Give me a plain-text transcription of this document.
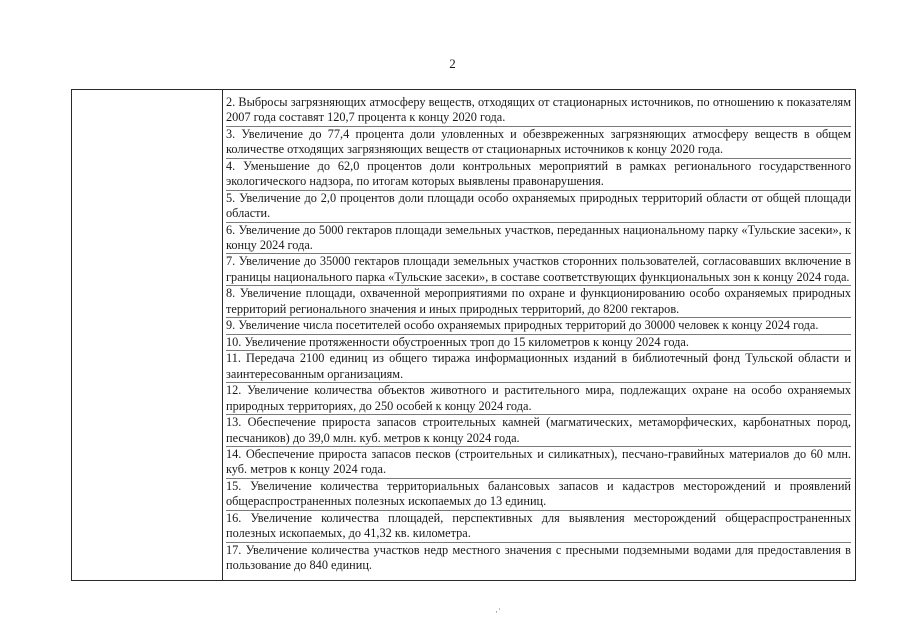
2

2. Выбросы загрязняющих атмосферу веществ, отходящих от стационарных источников, по отношению к показателям 2007 года составят 120,7 процента к концу 2020 года.

3. Увеличение до 77,4 процента доли уловленных и обезвреженных загрязняющих атмосферу веществ в общем количестве отходящих загрязняющих веществ от стационарных источников к концу 2020 года.

4. Уменьшение до 62,0 процентов доли контрольных мероприятий в рамках регионального государственного экологического надзора, по итогам которых выявлены правонарушения.

5. Увеличение до 2,0 процентов доли площади особо охраняемых природных территорий области от общей площади области.

6. Увеличение до 5000 гектаров площади земельных участков, переданных национальному парку «Тульские засеки», к концу 2024 года.

7. Увеличение до 35000 гектаров площади земельных участков сторонних пользователей, согласовавших включение в границы национального парка «Тульские засеки», в составе соответствующих функциональных зон к концу 2024 года.

8. Увеличение площади, охваченной мероприятиями по охране и функционированию особо охраняемых природных территорий регионального значения и иных природных территорий, до 8200 гектаров.

9. Увеличение числа посетителей особо охраняемых природных территорий до 30000 человек к концу 2024 года.

10. Увеличение протяженности обустроенных троп до 15 километров к концу 2024 года.

11. Передача 2100 единиц из общего тиража информационных изданий в библиотечный фонд Тульской области и заинтересованным организациям.

12. Увеличение количества объектов животного и растительного мира, подлежащих охране на особо охраняемых природных территориях, до 250 особей к концу 2024 года.

13. Обеспечение прироста запасов строительных камней (магматических, метаморфических, карбонатных пород, песчаников) до 39,0 млн. куб. метров к концу 2024 года.

14. Обеспечение прироста запасов песков (строительных и силикатных), песчано-гравийных материалов до 60 млн. куб. метров к концу 2024 года.

15. Увеличение количества территориальных балансовых запасов и кадастров месторождений и проявлений общераспространенных полезных ископаемых до 13 единиц.

16. Увеличение количества площадей, перспективных для выявления месторождений общераспространенных полезных ископаемых, до 41,32 кв. километра.

17. Увеличение количества участков недр местного значения с пресными подземными водами для предоставления в пользование до 840 единиц.

·˙
